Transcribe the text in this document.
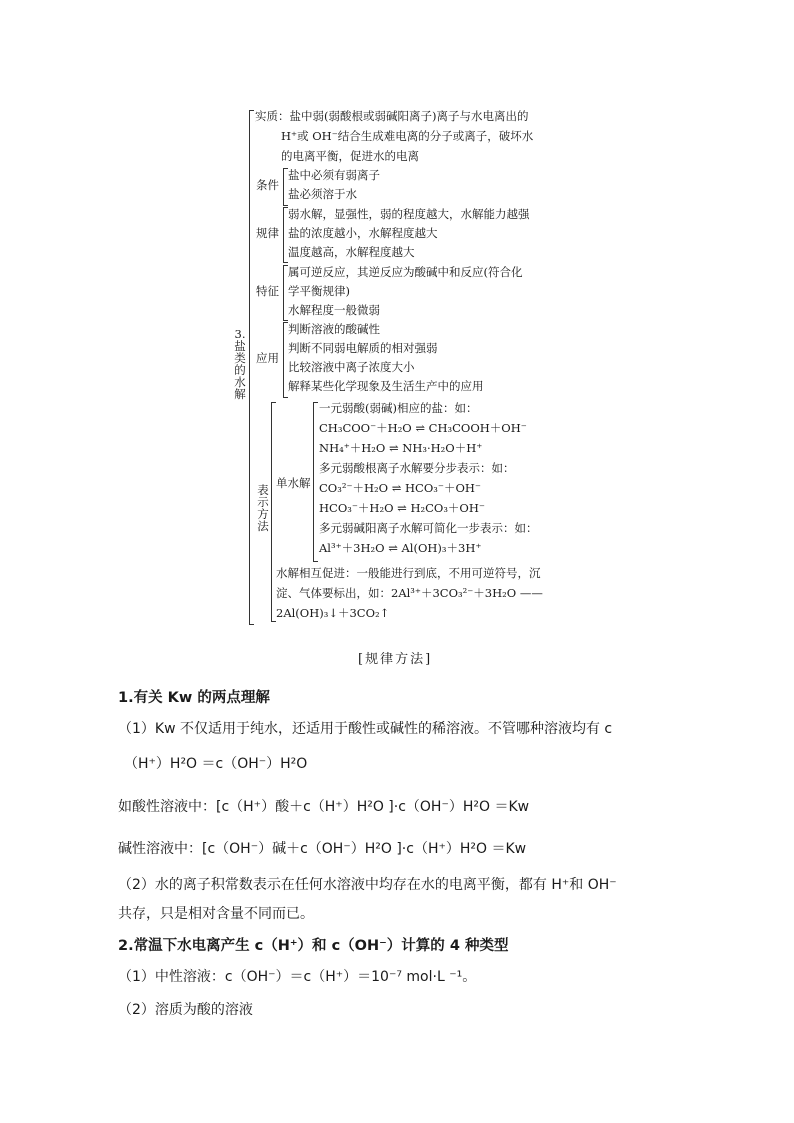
3.盐类的水解
实质：盐中弱(弱酸根或弱碱阳离子)离子与水电离出的
H⁺或 OH⁻结合生成难电离的分子或离子，破坏水
的电离平衡，促进水的电离
条件
盐中必须有弱离子
盐必须溶于水
规律
弱水解，显强性，弱的程度越大，水解能力越强
盐的浓度越小，水解程度越大
温度越高，水解程度越大
特征
属可逆反应，其逆反应为酸碱中和反应(符合化
学平衡规律)
水解程度一般微弱
应用
判断溶液的酸碱性
判断不同弱电解质的相对强弱
比较溶液中离子浓度大小
解释某些化学现象及生活生产中的应用
表示方法
单水解
一元弱酸(弱碱)相应的盐：如：
CH₃COO⁻＋H₂O ⇌ CH₃COOH＋OH⁻
NH₄⁺＋H₂O ⇌ NH₃·H₂O＋H⁺
多元弱酸根离子水解要分步表示：如：
CO₃²⁻＋H₂O ⇌ HCO₃⁻＋OH⁻
HCO₃⁻＋H₂O ⇌ H₂CO₃＋OH⁻
多元弱碱阳离子水解可简化一步表示：如：
Al³⁺＋3H₂O ⇌ Al(OH)₃＋3H⁺
水解相互促进：一般能进行到底，不用可逆符号，沉
淀、气体要标出，如：2Al³⁺＋3CO₃²⁻＋3H₂O ——
2Al(OH)₃↓＋3CO₂↑
[规律方法]
1.有关 Kw 的两点理解
（1）Kw 不仅适用于纯水，还适用于酸性或碱性的稀溶液。不管哪种溶液均有 c
（H⁺）H²O ＝c（OH⁻）H²O
如酸性溶液中：[c（H⁺）酸＋c（H⁺）H²O ]·c（OH⁻）H²O ＝Kw
碱性溶液中：[c（OH⁻）碱＋c（OH⁻）H²O ]·c（H⁺）H²O ＝Kw
（2）水的离子积常数表示在任何水溶液中均存在水的电离平衡，都有 H⁺和 OH⁻
共存，只是相对含量不同而已。
2.常温下水电离产生 c（H⁺）和 c（OH⁻）计算的 4 种类型
（1）中性溶液：c（OH⁻）＝c（H⁺）＝10⁻⁷ mol·L ⁻¹。
（2）溶质为酸的溶液
